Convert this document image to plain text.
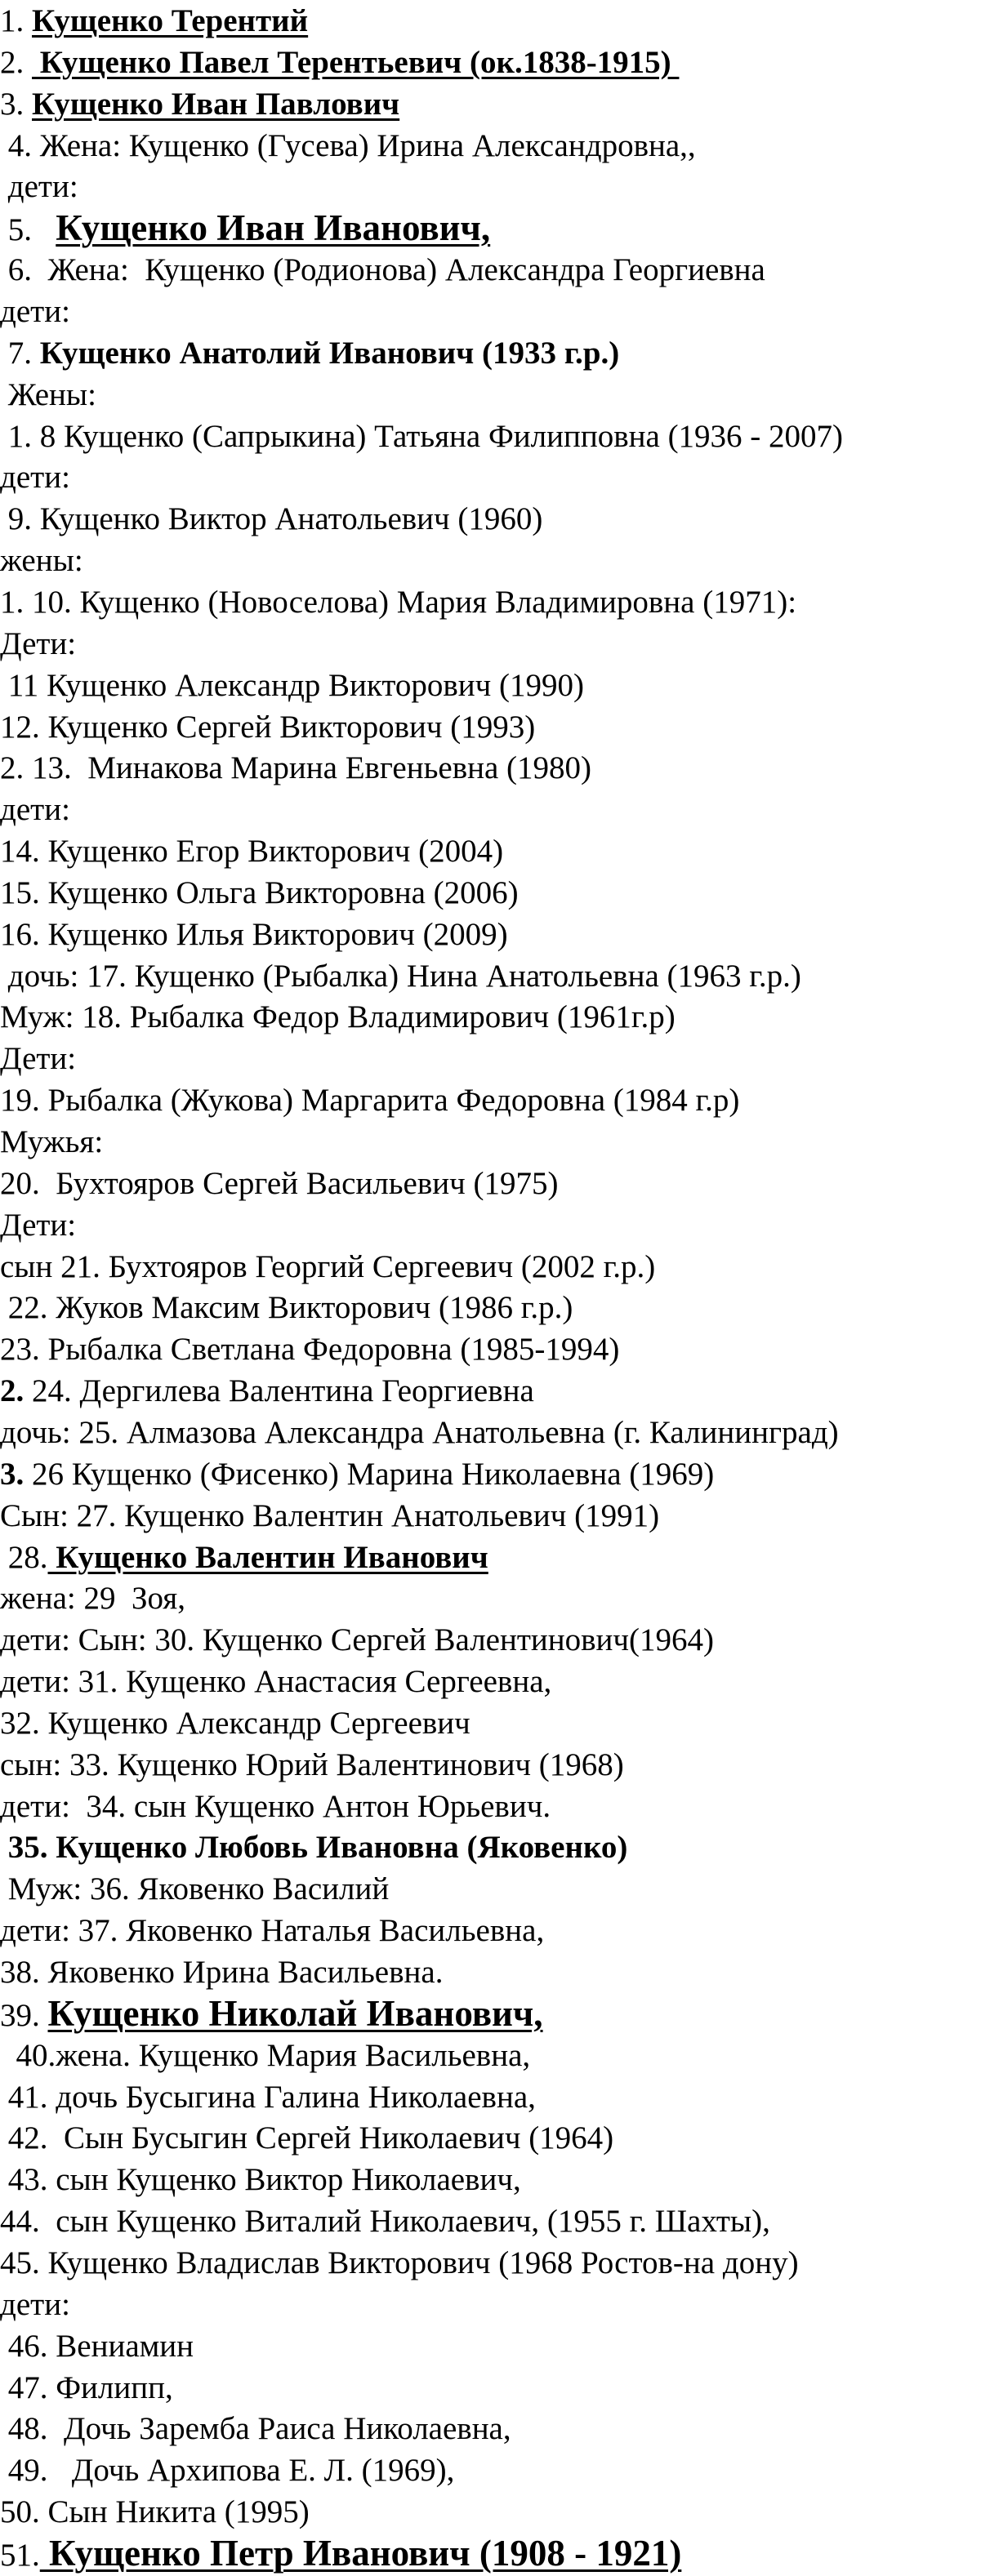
1. Кущенко Терентий
2.  Кущенко Павел Терентьевич (ок.1838-1915)
3. Кущенко Иван Павлович
4. Жена: Кущенко (Гусева) Ирина Александровна,,
дети:
5.   Кущенко Иван Иванович,
6.  Жена:  Кущенко (Родионова) Александра Георгиевна
дети:
7. Кущенко Анатолий Иванович (1933 г.р.)
Жены:
1. 8 Кущенко (Сапрыкина) Татьяна Филипповна (1936 - 2007)
дети:
9. Кущенко Виктор Анатольевич (1960)
жены:
1. 10. Кущенко (Новоселова) Мария Владимировна (1971):
Дети:
11 Кущенко Александр Викторович (1990)
12. Кущенко Сергей Викторович (1993)
2. 13.  Минакова Марина Евгеньевна (1980)
дети:
14. Кущенко Егор Викторович (2004)
15. Кущенко Ольга Викторовна (2006)
16. Кущенко Илья Викторович (2009)
дочь: 17. Кущенко (Рыбалка) Нина Анатольевна (1963 г.р.)
Муж: 18. Рыбалка Федор Владимирович (1961г.р)
Дети:
19. Рыбалка (Жукова) Маргарита Федоровна (1984 г.р)
Мужья:
20.  Бухтояров Сергей Васильевич (1975)
Дети:
сын 21. Бухтояров Георгий Сергеевич (2002 г.р.)
22. Жуков Максим Викторович (1986 г.р.)
23. Рыбалка Светлана Федоровна (1985-1994)
2. 24. Дергилева Валентина Георгиевна
дочь: 25. Алмазова Александра Анатольевна (г. Калининград)
3. 26 Кущенко (Фисенко) Марина Николаевна (1969)
Сын: 27. Кущенко Валентин Анатольевич (1991)
28. Кущенко Валентин Иванович
жена: 29  Зоя,
дети: Сын: 30. Кущенко Сергей Валентинович(1964)
дети: 31. Кущенко Анастасия Сергеевна,
32. Кущенко Александр Сергеевич
сын: 33. Кущенко Юрий Валентинович (1968)
дети:  34. сын Кущенко Антон Юрьевич.
35. Кущенко Любовь Ивановна (Яковенко)
Муж: 36. Яковенко Василий
дети: 37. Яковенко Наталья Васильевна,
38. Яковенко Ирина Васильевна.
39. Кущенко Николай Иванович,
40.жена. Кущенко Мария Васильевна,
41. дочь Бусыгина Галина Николаевна,
42.  Сын Бусыгин Сергей Николаевич (1964)
43. сын Кущенко Виктор Николаевич,
44.  сын Кущенко Виталий Николаевич, (1955 г. Шахты),
45. Кущенко Владислав Викторович (1968 Ростов-на дону)
дети:
46. Вениамин
47. Филипп,
48.  Дочь Заремба Раиса Николаевна,
49.   Дочь Архипова Е. Л. (1969),
50. Сын Никита (1995)
51. Кущенко Петр Иванович (1908 - 1921)
